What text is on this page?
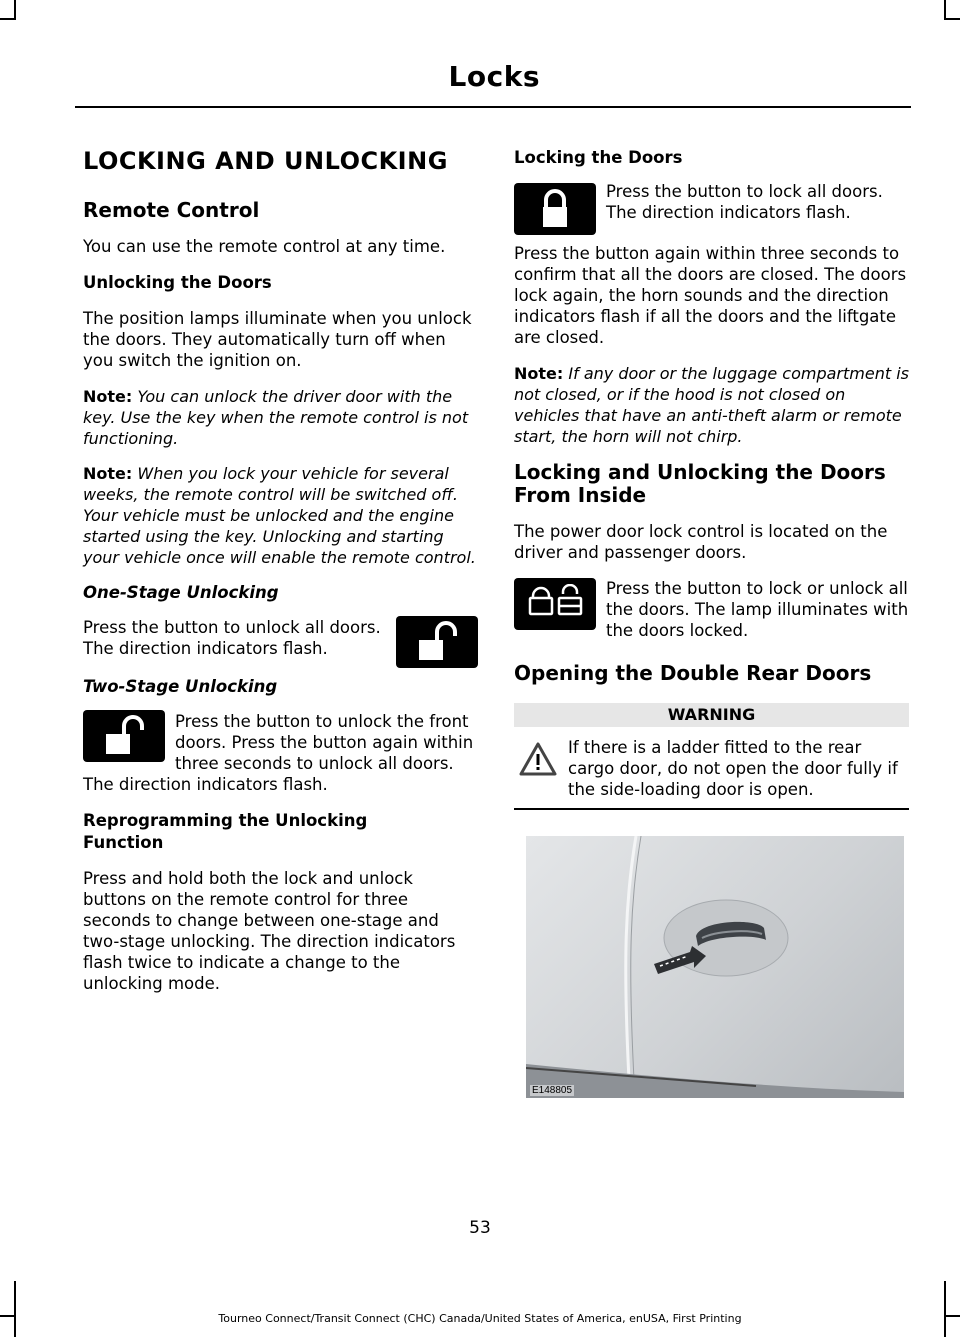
Locks
LOCKING AND UNLOCKING
Remote Control

You can use the remote control at any time.

Unlocking the Doors

The position lamps illuminate when you unlock the doors. They automatically turn off when you switch the ignition on.

Note: You can unlock the driver door with the key. Use the key when the remote control is not functioning.

Note: When you lock your vehicle for several weeks, the remote control will be switched off. Your vehicle must be unlocked and the engine started using the key. Unlocking and starting your vehicle once will enable the remote control.

One-Stage Unlocking

Press the button to unlock all doors. The direction indicators flash.

Two-Stage Unlocking

Press the button to unlock the front doors. Press the button again within three seconds to unlock all doors. The direction indicators flash.

Reprogramming the Unlocking Function

Press and hold both the lock and unlock buttons on the remote control for three seconds to change between one-stage and two-stage unlocking. The direction indicators flash twice to indicate a change to the unlocking mode.

Locking the Doors

Press the button to lock all doors. The direction indicators flash.

Press the button again within three seconds to confirm that all the doors are closed. The doors lock again, the horn sounds and the direction indicators flash if all the doors and the liftgate are closed.

Note: If any door or the luggage compartment is not closed, or if the hood is not closed on vehicles that have an anti-theft alarm or remote start, the horn will not chirp.

Locking and Unlocking the Doors From Inside

The power door lock control is located on the driver and passenger doors.

Press the button to lock or unlock all the doors. The lamp illuminates with the doors locked.

Opening the Double Rear Doors
WARNING

If there is a ladder fitted to the rear cargo door, do not open the door fully if the side-loading door is open.

E148805
53
Tourneo Connect/Transit Connect (CHC) Canada/United States of America, enUSA, First Printing
